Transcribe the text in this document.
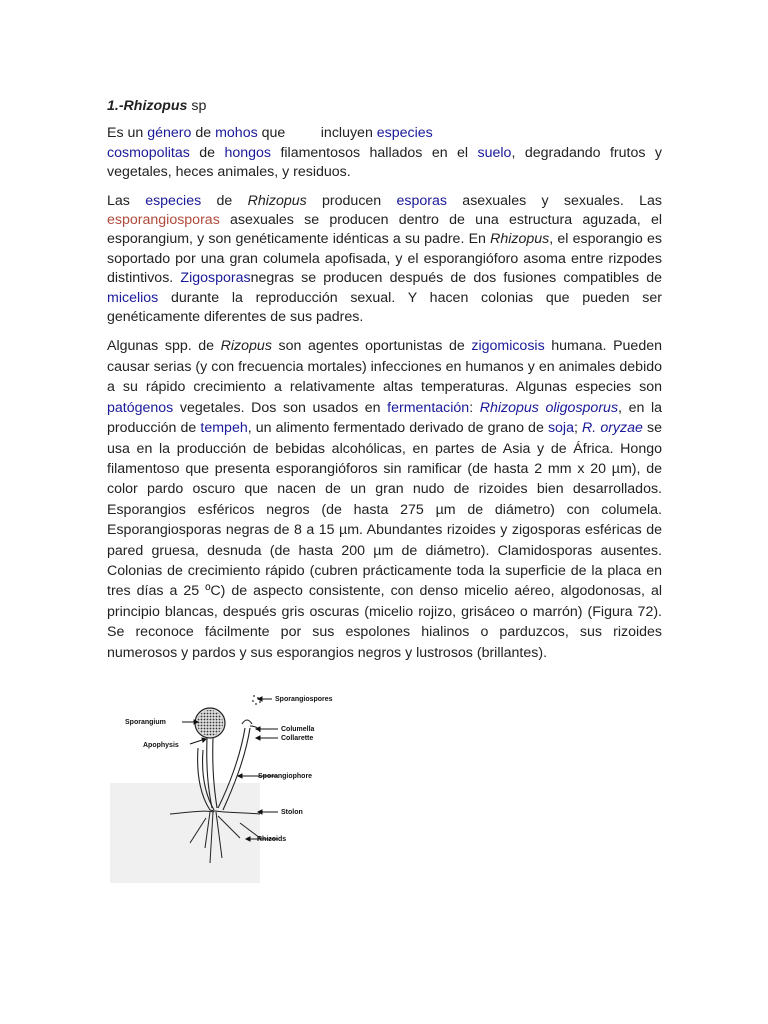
1.-Rhizopus sp

Es un género de mohos que         incluyen especies
cosmopolitas de hongos filamentosos hallados en el suelo, degradando frutos y vegetales, heces animales, y residuos.

Las especies de Rhizopus producen esporas asexuales y sexuales. Las esporangiosporas asexuales se producen dentro de una estructura aguzada, el esporangium, y son genéticamente idénticas a su padre. En Rhizopus, el esporangio es soportado por una gran columela apofisada, y el esporangióforo asoma entre rizpodes distintivos. Zigosporasnegras se producen después de dos fusiones compatibles de micelios durante la reproducción sexual. Y hacen colonias que pueden ser genéticamente diferentes de sus padres.

Algunas spp. de Rizopus son agentes oportunistas de zigomicosis humana. Pueden causar serias (y con frecuencia mortales) infecciones en humanos y en animales debido a su rápido crecimiento a relativamente altas temperaturas. Algunas especies son patógenos vegetales. Dos son usados en fermentación: Rhizopus oligosporus, en la producción de tempeh, un alimento fermentado derivado de grano de soja; R. oryzae se usa en la producción de bebidas alcohólicas, en partes de Asia y de África. Hongo filamentoso que presenta esporangióforos sin ramificar (de hasta 2 mm x 20 µm), de color pardo oscuro que nacen de un gran nudo de rizoides bien desarrollados. Esporangios esféricos negros (de hasta 275 µm de diámetro) con columela. Esporangiosporas negras de 8 a 15 µm. Abundantes rizoides y zigosporas esféricas de pared gruesa, desnuda (de hasta 200 µm de diámetro). Clamidosporas ausentes. Colonias de crecimiento rápido (cubren prácticamente toda la superficie de la placa en tres días a 25 ºC) de aspecto consistente, con denso micelio aéreo, algodonosas, al principio blancas, después gris oscuras (micelio rojizo, grisáceo o marrón) (Figura 72). Se reconoce fácilmente por sus espolones hialinos o parduzcos, sus rizoides numerosos y pardos y sus esporangios negros y lustrosos (brillantes).

Sporangiospores
Sporangium
Columella
Collarette
Apophysis
Sporangiophore
Stolon
Rhizoids
